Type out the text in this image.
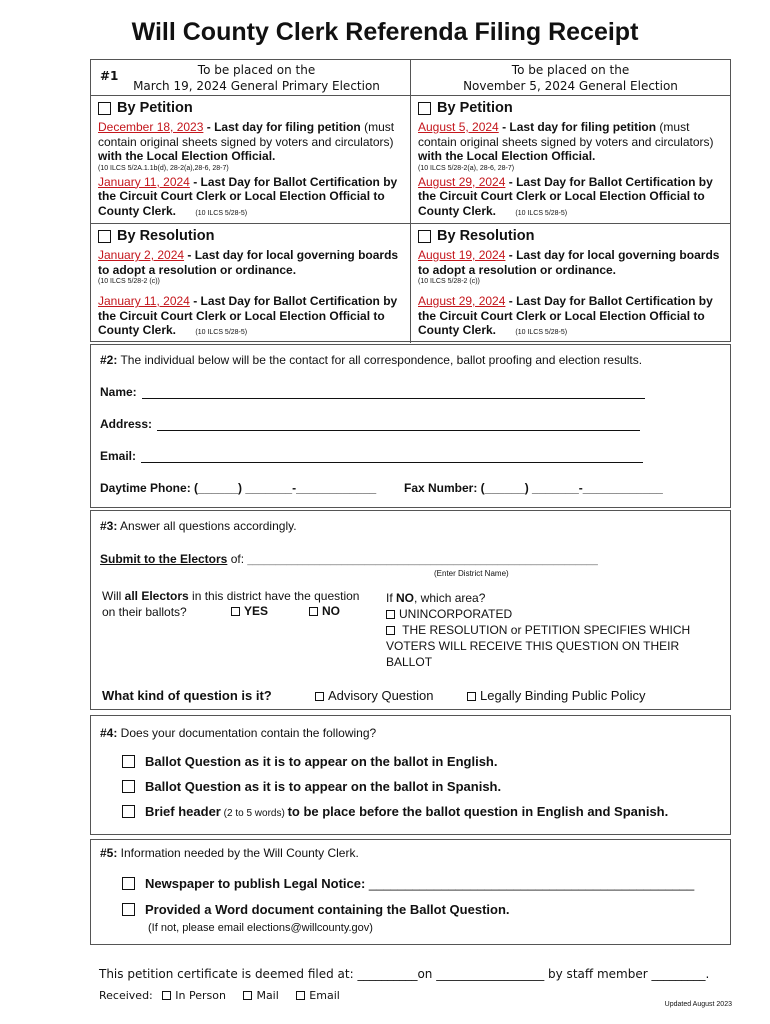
Will County Clerk Referenda Filing Receipt
#1	To be placed on the
March 19, 2024 General Primary Election
To be placed on the
November 5, 2024 General Election
By Petition
December 18, 2023 - Last day for filing petition (must contain original sheets signed by voters and circulators) with the Local Election Official.
(10 ILCS 5/2A.1.1b(d), 28-2(a),28-6, 28-7)
January 11, 2024 - Last Day for Ballot Certification by the Circuit Court Clerk or Local Election Official to County Clerk.	(10 ILCS 5/28-5)
By Petition
August 5, 2024 - Last day for filing petition (must contain original sheets signed by voters and circulators) with the Local Election Official.
(10 ILCS 5/28-2(a), 28-6, 28-7)
August 29, 2024 - Last Day for Ballot Certification by the Circuit Court Clerk or Local Election Official to County Clerk.	(10 ILCS 5/28-5)
By Resolution
January 2, 2024 - Last day for local governing boards to adopt a resolution or ordinance.
(10 ILCS 5/28-2 (c))
January 11, 2024 - Last Day for Ballot Certification by the Circuit Court Clerk or Local Election Official to County Clerk.	(10 ILCS 5/28-5)
By Resolution
August 19, 2024 - Last day for local governing boards to adopt a resolution or ordinance.
(10 ILCS 5/28-2 (c))
August 29, 2024 - Last Day for Ballot Certification by the Circuit Court Clerk or Local Election Official to County Clerk.	(10 ILCS 5/28-5)
#2: The individual below will be the contact for all correspondence, ballot proofing and election results.
Name:
Address:
Email:
Daytime Phone: (______) _______-____________ Fax Number: (______) _______-____________
#3: Answer all questions accordingly.
Submit to the Electors of: _______________________________________________________________
(Enter District Name)
Will all Electors in this district have the question
on their ballots?	YES	NO
If NO, which area?
UNINCORPORATED
THE RESOLUTION or PETITION SPECIFIES WHICH VOTERS WILL RECEIVE THIS QUESTION ON THEIR BALLOT
What kind of question is it?	Advisory Question	Legally Binding Public Policy
#4: Does your documentation contain the following?
Ballot Question as it is to appear on the ballot in English.
Ballot Question as it is to appear on the ballot in Spanish.
Brief header (2 to 5 words) to be place before the ballot question in English and Spanish.
#5: Information needed by the Will County Clerk.
Newspaper to publish Legal Notice: _____________________________________________
Provided a Word document containing the Ballot Question.
(If not, please email elections@willcounty.gov)
This petition certificate is deemed filed at: __________on __________________ by staff member _________.
Received: In Person	Mail	Email
Updated August 2023
